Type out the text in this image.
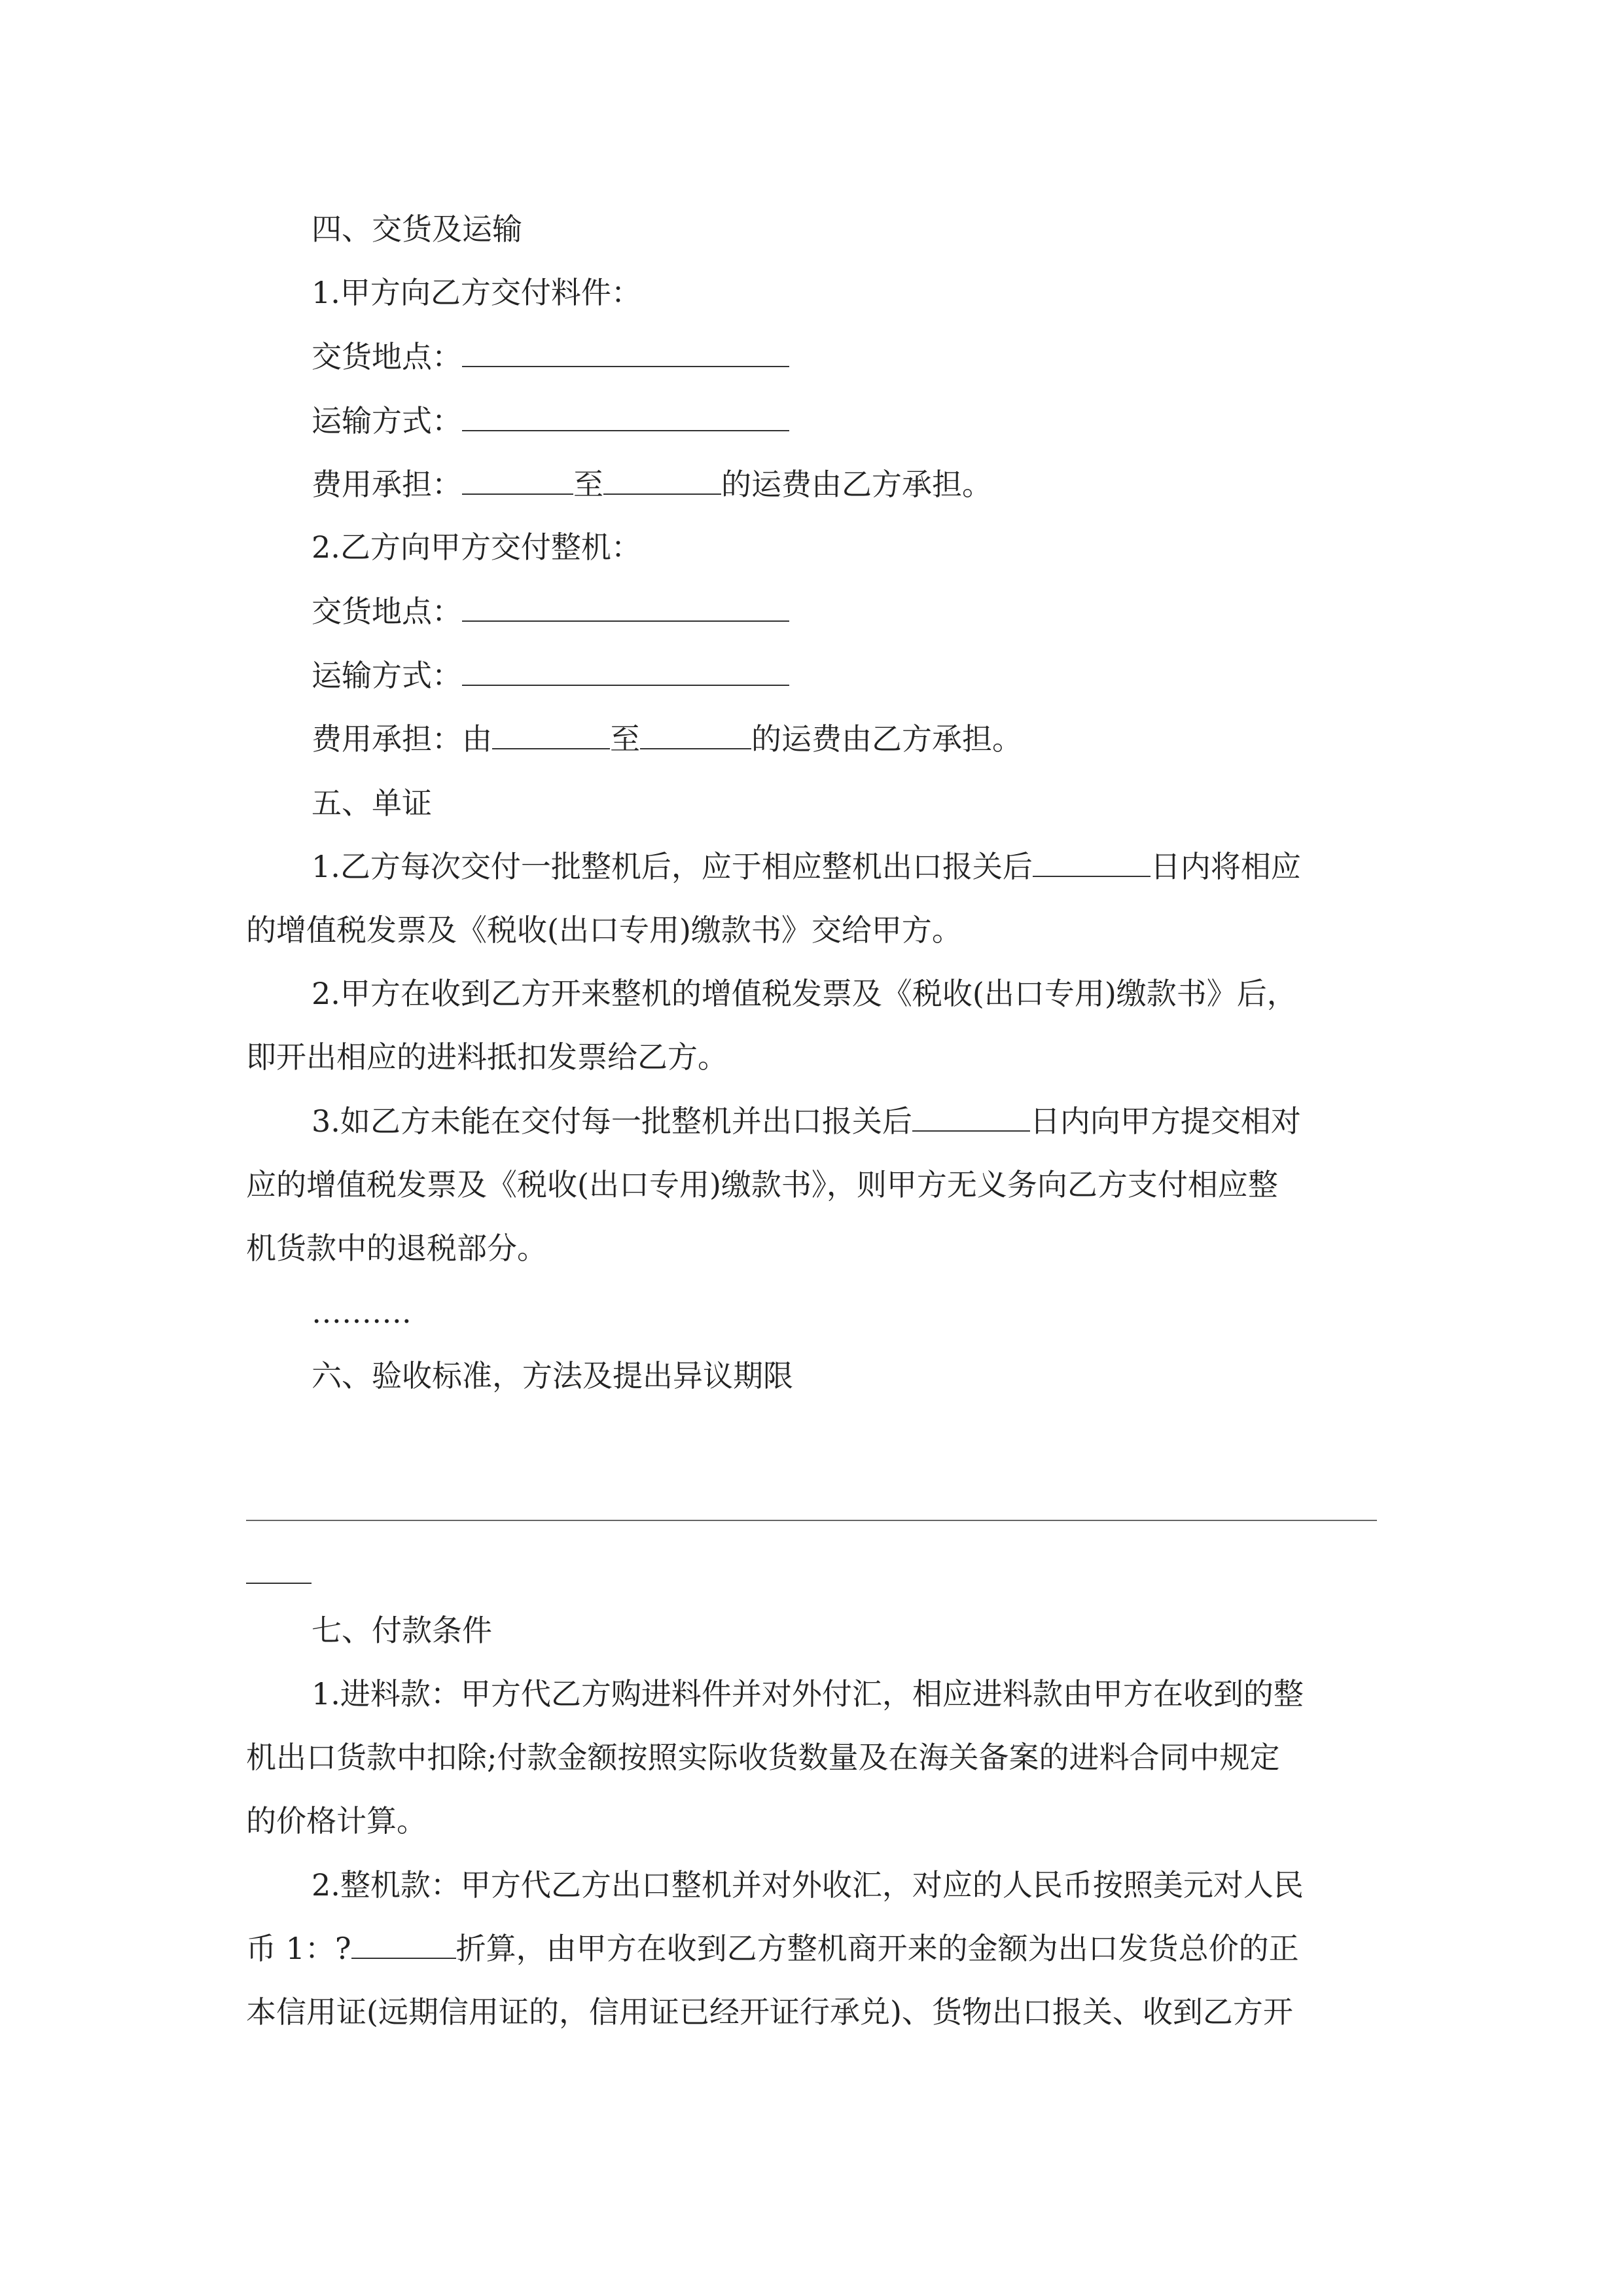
四、交货及运输
1.甲方向乙方交付料件：
交货地点：
运输方式：
费用承担：	至	的运费由乙方承担。
2.乙方向甲方交付整机：
交货地点：
运输方式：
费用承担：由	至	的运费由乙方承担。
五、单证
1.乙方每次交付一批整机后，应于相应整机出口报关后	日内将相应
的增值税发票及《税收(出口专用)缴款书》交给甲方。
2.甲方在收到乙方开来整机的增值税发票及《税收(出口专用)缴款书》后，
即开出相应的进料抵扣发票给乙方。
3.如乙方未能在交付每一批整机并出口报关后	日内向甲方提交相对
应的增值税发票及《税收(出口专用)缴款书》，则甲方无义务向乙方支付相应整
机货款中的退税部分。
……….
六、验收标准，方法及提出异议期限
七、付款条件
1.进料款：甲方代乙方购进料件并对外付汇，相应进料款由甲方在收到的整
机出口货款中扣除;付款金额按照实际收货数量及在海关备案的进料合同中规定
的价格计算。
2.整机款：甲方代乙方出口整机并对外收汇，对应的人民币按照美元对人民
币 1：?	折算，由甲方在收到乙方整机商开来的金额为出口发货总价的正
本信用证(远期信用证的，信用证已经开证行承兑)、货物出口报关、收到乙方开
